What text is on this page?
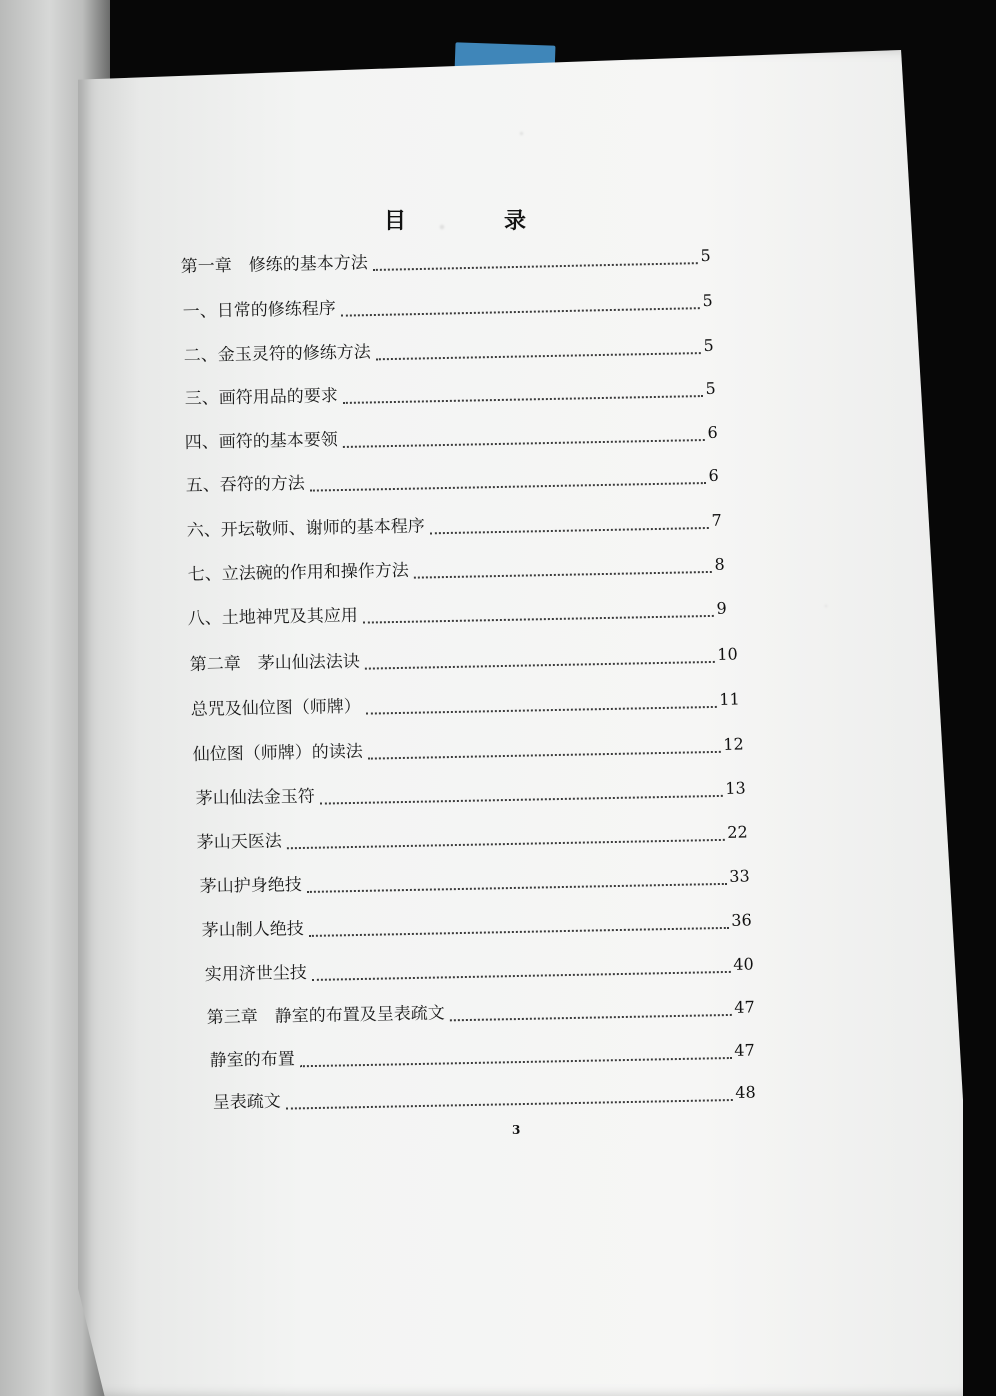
目　录
第一章　修练的基本方法	5
一、日常的修练程序	5
二、金玉灵符的修练方法	5
三、画符用品的要求	5
四、画符的基本要领	6
五、吞符的方法	6
六、开坛敬师、谢师的基本程序	7
七、立法碗的作用和操作方法	8
八、土地神咒及其应用	9
第二章　茅山仙法法诀	10
总咒及仙位图（师牌）	11
仙位图（师牌）的读法	12
茅山仙法金玉符	13
茅山天医法	22
茅山护身绝技	33
茅山制人绝技	36
实用济世尘技	40
第三章　静室的布置及呈表疏文	47
静室的布置	47
呈表疏文	48
3
